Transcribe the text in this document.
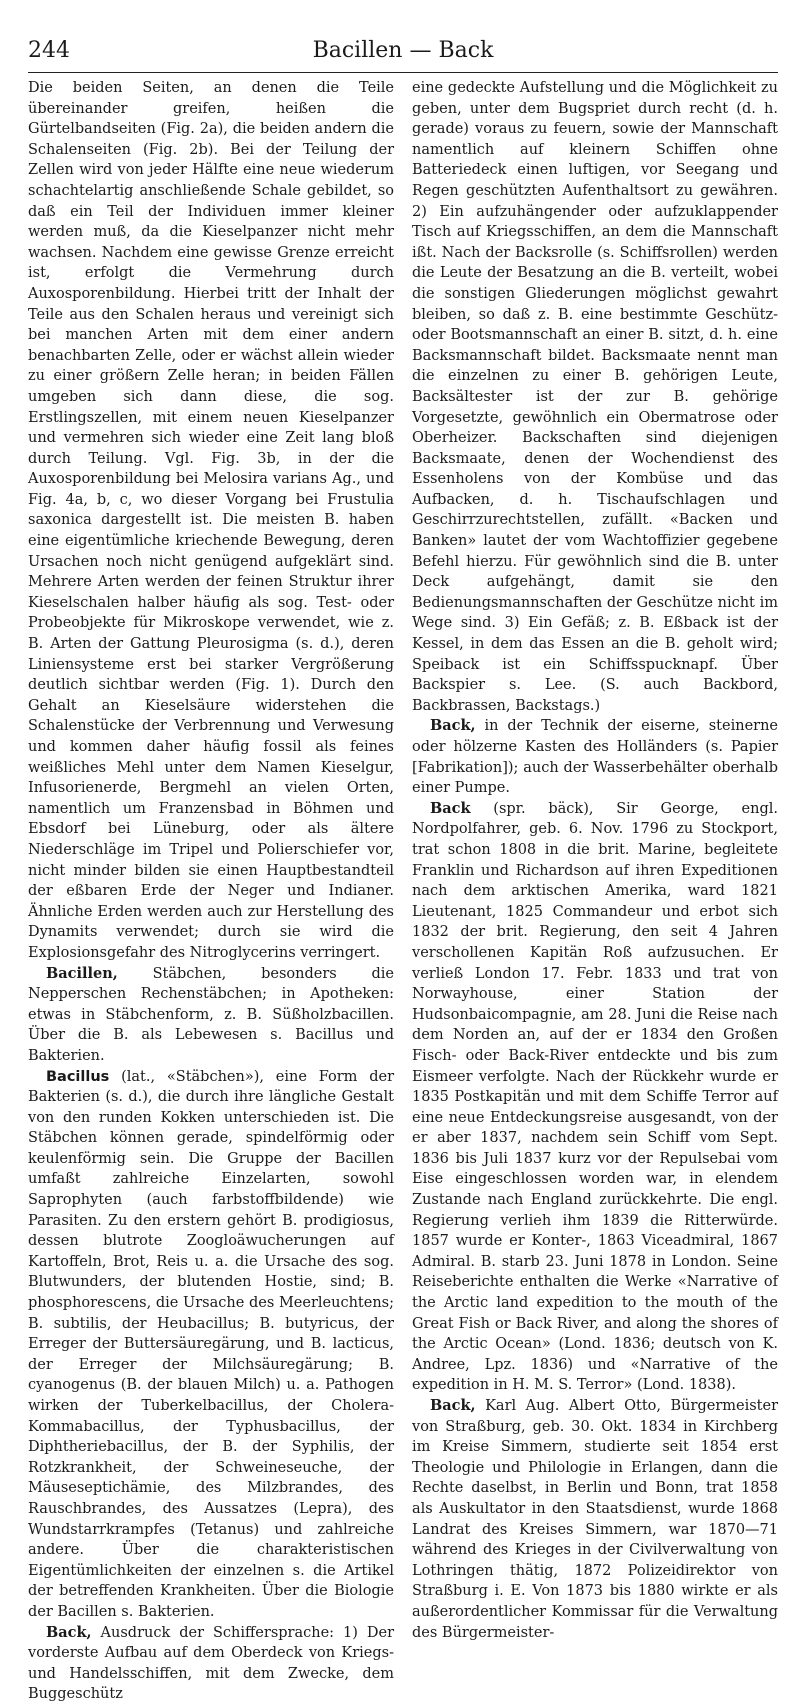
244	Bacillen — Back

Die beiden Seiten, an denen die Teile übereinander greifen, heißen die Gürtelbandseiten (Fig. 2a), die beiden andern die Schalenseiten (Fig. 2b). Bei der Teilung der Zellen wird von jeder Hälfte eine neue wiederum schachtelartig anschließende Schale gebildet, so daß ein Teil der Individuen immer kleiner werden muß, da die Kieselpanzer nicht mehr wachsen. Nachdem eine gewisse Grenze erreicht ist, erfolgt die Vermehrung durch Auxosporenbildung. Hierbei tritt der Inhalt der Teile aus den Schalen heraus und vereinigt sich bei manchen Arten mit dem einer andern benachbarten Zelle, oder er wächst allein wieder zu einer größern Zelle heran; in beiden Fällen umgeben sich dann diese, die sog. Erstlingszellen, mit einem neuen Kieselpanzer und vermehren sich wieder eine Zeit lang bloß durch Teilung. Vgl. Fig. 3b, in der die Auxosporenbildung bei Melosira varians Ag., und Fig. 4a, b, c, wo dieser Vorgang bei Frustulia saxonica dargestellt ist. Die meisten B. haben eine eigentümliche kriechende Bewegung, deren Ursachen noch nicht genügend aufgeklärt sind. Mehrere Arten werden der feinen Struktur ihrer Kieselschalen halber häufig als sog. Test- oder Probeobjekte für Mikroskope verwendet, wie z. B. Arten der Gattung Pleurosigma (s. d.), deren Liniensysteme erst bei starker Vergrößerung deutlich sichtbar werden (Fig. 1). Durch den Gehalt an Kieselsäure widerstehen die Schalenstücke der Verbrennung und Verwesung und kommen daher häufig fossil als feines weißliches Mehl unter dem Namen Kieselgur, Infusorienerde, Bergmehl an vielen Orten, namentlich um Franzensbad in Böhmen und Ebsdorf bei Lüneburg, oder als ältere Niederschläge im Tripel und Polierschiefer vor, nicht minder bilden sie einen Hauptbestandteil der eßbaren Erde der Neger und Indianer. Ähnliche Erden werden auch zur Herstellung des Dynamits verwendet; durch sie wird die Explosionsgefahr des Nitroglycerins verringert.

Bacillen, Stäbchen, besonders die Nepperschen Rechenstäbchen; in Apotheken: etwas in Stäbchenform, z. B. Süßholzbacillen. Über die B. als Lebewesen s. Bacillus und Bakterien.

Bacillus (lat., «Stäbchen»), eine Form der Bakterien (s. d.), die durch ihre längliche Gestalt von den runden Kokken unterschieden ist. Die Stäbchen können gerade, spindelförmig oder keulenförmig sein. Die Gruppe der Bacillen umfaßt zahlreiche Einzelarten, sowohl Saprophyten (auch farbstoffbildende) wie Parasiten. Zu den erstern gehört B. prodigiosus, dessen blutrote Zoogloäwucherungen auf Kartoffeln, Brot, Reis u. a. die Ursache des sog. Blutwunders, der blutenden Hostie, sind; B. phosphorescens, die Ursache des Meerleuchtens; B. subtilis, der Heubacillus; B. butyricus, der Erreger der Buttersäuregärung, und B. lacticus, der Erreger der Milchsäuregärung; B. cyanogenus (B. der blauen Milch) u. a. Pathogen wirken der Tuberkelbacillus, der Cholera-Kommabacillus, der Typhusbacillus, der Diphtheriebacillus, der B. der Syphilis, der Rotzkrankheit, der Schweineseuche, der Mäuseseptichämie, des Milzbrandes, des Rauschbrandes, des Aussatzes (Lepra), des Wundstarrkrampfes (Tetanus) und zahlreiche andere. Über die charakteristischen Eigentümlichkeiten der einzelnen s. die Artikel der betreffenden Krankheiten. Über die Biologie der Bacillen s. Bakterien.

Back, Ausdruck der Schiffersprache: 1) Der vorderste Aufbau auf dem Oberdeck von Kriegs- und Handelsschiffen, mit dem Zwecke, dem Buggeschütz

eine gedeckte Aufstellung und die Möglichkeit zu geben, unter dem Bugspriet durch recht (d. h. gerade) voraus zu feuern, sowie der Mannschaft namentlich auf kleinern Schiffen ohne Batteriedeck einen luftigen, vor Seegang und Regen geschützten Aufenthaltsort zu gewähren. 2) Ein aufzuhängender oder aufzuklappender Tisch auf Kriegsschiffen, an dem die Mannschaft ißt. Nach der Backsrolle (s. Schiffsrollen) werden die Leute der Besatzung an die B. verteilt, wobei die sonstigen Gliederungen möglichst gewahrt bleiben, so daß z. B. eine bestimmte Geschütz- oder Bootsmannschaft an einer B. sitzt, d. h. eine Backsmannschaft bildet. Backsmaate nennt man die einzelnen zu einer B. gehörigen Leute, Backsältester ist der zur B. gehörige Vorgesetzte, gewöhnlich ein Obermatrose oder Oberheizer. Backschaften sind diejenigen Backsmaate, denen der Wochendienst des Essenholens von der Kombüse und das Aufbacken, d. h. Tischaufschlagen und Geschirrzurechtstellen, zufällt. «Backen und Banken» lautet der vom Wachtoffizier gegebene Befehl hierzu. Für gewöhnlich sind die B. unter Deck aufgehängt, damit sie den Bedienungsmannschaften der Geschütze nicht im Wege sind. 3) Ein Gefäß; z. B. Eßback ist der Kessel, in dem das Essen an die B. geholt wird; Speiback ist ein Schiffsspucknapf. Über Backspier s. Lee. (S. auch Backbord, Backbrassen, Backstags.)

Back, in der Technik der eiserne, steinerne oder hölzerne Kasten des Holländers (s. Papier [Fabrikation]); auch der Wasserbehälter oberhalb einer Pumpe.

Back (spr. bäck), Sir George, engl. Nordpolfahrer, geb. 6. Nov. 1796 zu Stockport, trat schon 1808 in die brit. Marine, begleitete Franklin und Richardson auf ihren Expeditionen nach dem arktischen Amerika, ward 1821 Lieutenant, 1825 Commandeur und erbot sich 1832 der brit. Regierung, den seit 4 Jahren verschollenen Kapitän Roß aufzusuchen. Er verließ London 17. Febr. 1833 und trat von Norwayhouse, einer Station der Hudsonbaicompagnie, am 28. Juni die Reise nach dem Norden an, auf der er 1834 den Großen Fisch- oder Back-River entdeckte und bis zum Eismeer verfolgte. Nach der Rückkehr wurde er 1835 Postkapitän und mit dem Schiffe Terror auf eine neue Entdeckungsreise ausgesandt, von der er aber 1837, nachdem sein Schiff vom Sept. 1836 bis Juli 1837 kurz vor der Repulsebai vom Eise eingeschlossen worden war, in elendem Zustande nach England zurückkehrte. Die engl. Regierung verlieh ihm 1839 die Ritterwürde. 1857 wurde er Konter-, 1863 Viceadmiral, 1867 Admiral. B. starb 23. Juni 1878 in London. Seine Reiseberichte enthalten die Werke «Narrative of the Arctic land expedition to the mouth of the Great Fish or Back River, and along the shores of the Arctic Ocean» (Lond. 1836; deutsch von K. Andree, Lpz. 1836) und «Narrative of the expedition in H. M. S. Terror» (Lond. 1838).

Back, Karl Aug. Albert Otto, Bürgermeister von Straßburg, geb. 30. Okt. 1834 in Kirchberg im Kreise Simmern, studierte seit 1854 erst Theologie und Philologie in Erlangen, dann die Rechte daselbst, in Berlin und Bonn, trat 1858 als Auskultator in den Staatsdienst, wurde 1868 Landrat des Kreises Simmern, war 1870—71 während des Krieges in der Civilverwaltung von Lothringen thätig, 1872 Polizeidirektor von Straßburg i. E. Von 1873 bis 1880 wirkte er als außerordentlicher Kommissar für die Verwaltung des Bürgermeister-
